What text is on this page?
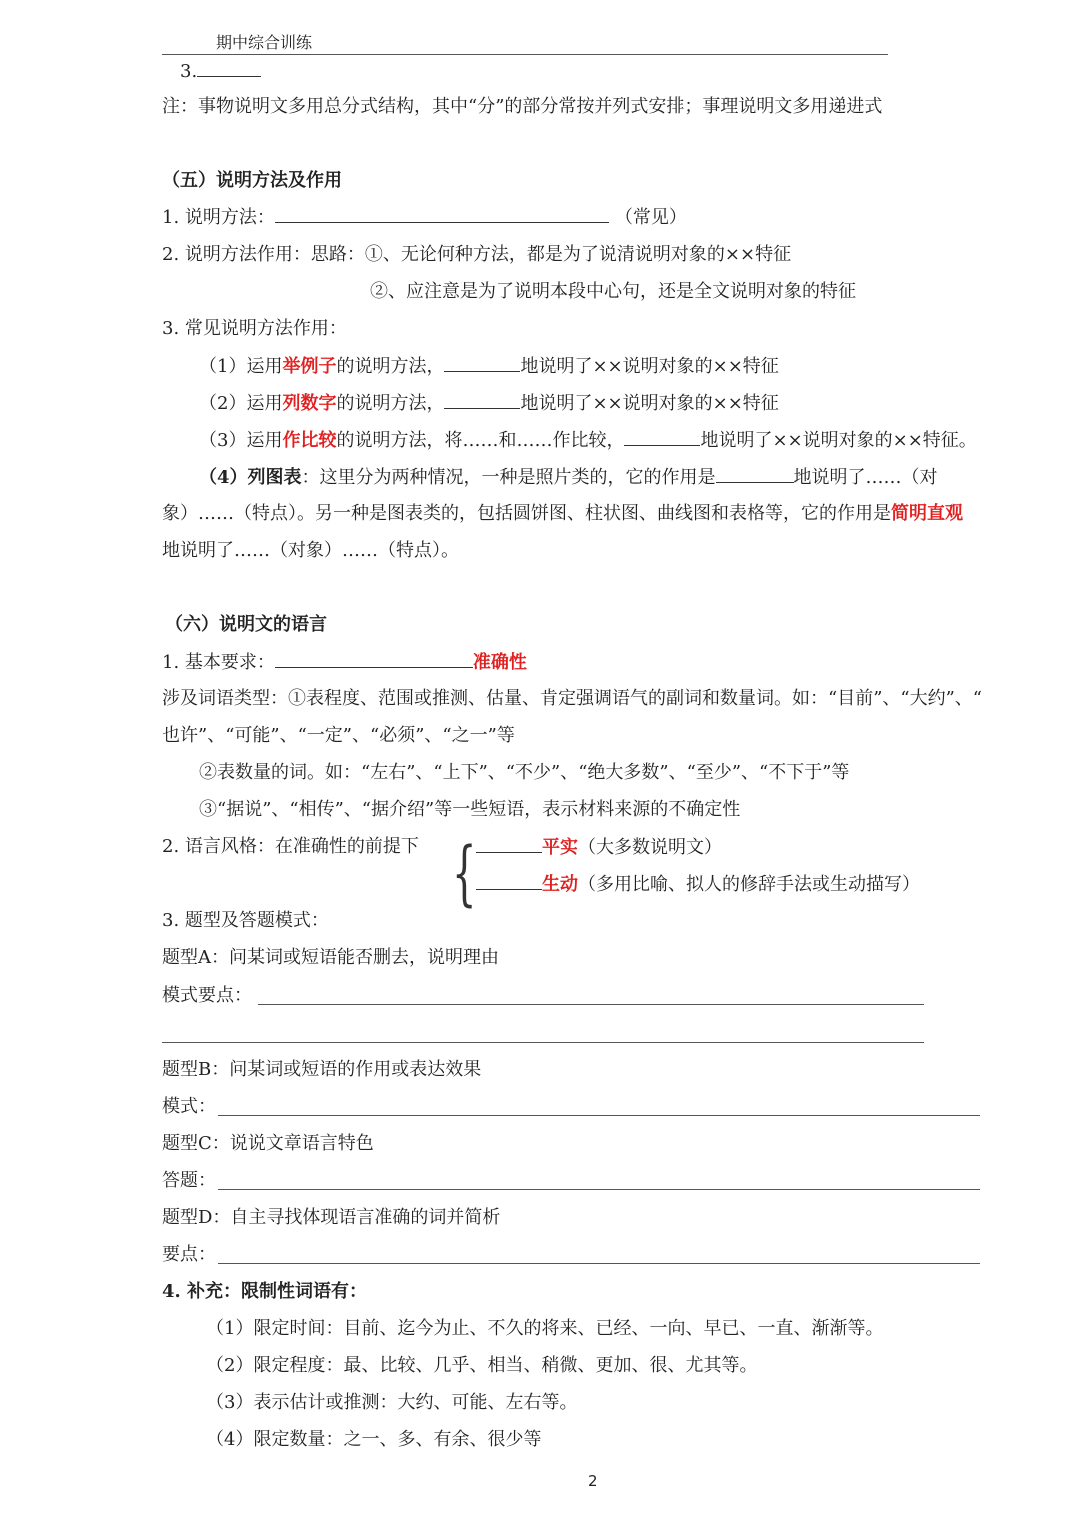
期中综合训练
3.
注：事物说明文多用总分式结构，其中“分”的部分常按并列式安排；事理说明文多用递进式
（五）说明方法及作用
1. 说明方法：	（常见）
2. 说明方法作用：思路：①、无论何种方法，都是为了说清说明对象的××特征
②、应注意是为了说明本段中心句，还是全文说明对象的特征
3. 常见说明方法作用：
（1）运用举例子的说明方法，	地说明了××说明对象的××特征
（2）运用列数字的说明方法，	地说明了××说明对象的××特征
（3）运用作比较的说明方法，将……和……作比较，	地说明了××说明对象的××特征。
（4）列图表：这里分为两种情况，一种是照片类的，它的作用是	地说明了……（对
象）……（特点）。另一种是图表类的，包括圆饼图、柱状图、曲线图和表格等，它的作用是简明直观
地说明了……（对象）……（特点）。
（六）说明文的语言
1. 基本要求：	准确性
涉及词语类型：①表程度、范围或推测、估量、肯定强调语气的副词和数量词。如：“目前”、“大约”、“
也许”、“可能”、“一定”、“必须”、“之一”等
②表数量的词。如：“左右”、“上下”、“不少”、“绝大多数”、“至少”、“不下于”等
③“据说”、“相传”、“据介绍”等一些短语，表示材料来源的不确定性
2. 语言风格：在准确性的前提下 {	平实（大多数说明文）
生动（多用比喻、拟人的修辞手法或生动描写）
3. 题型及答题模式：
题型A：问某词或短语能否删去，说明理由
模式要点：
题型B：问某词或短语的作用或表达效果
模式：
题型C：说说文章语言特色
答题：
题型D：自主寻找体现语言准确的词并简析
要点：
4. 补充：限制性词语有：
（1）限定时间：目前、迄今为止、不久的将来、已经、一向、早已、一直、渐渐等。
（2）限定程度：最、比较、几乎、相当、稍微、更加、很、尤其等。
（3）表示估计或推测：大约、可能、左右等。
（4）限定数量：之一、多、有余、很少等
2
